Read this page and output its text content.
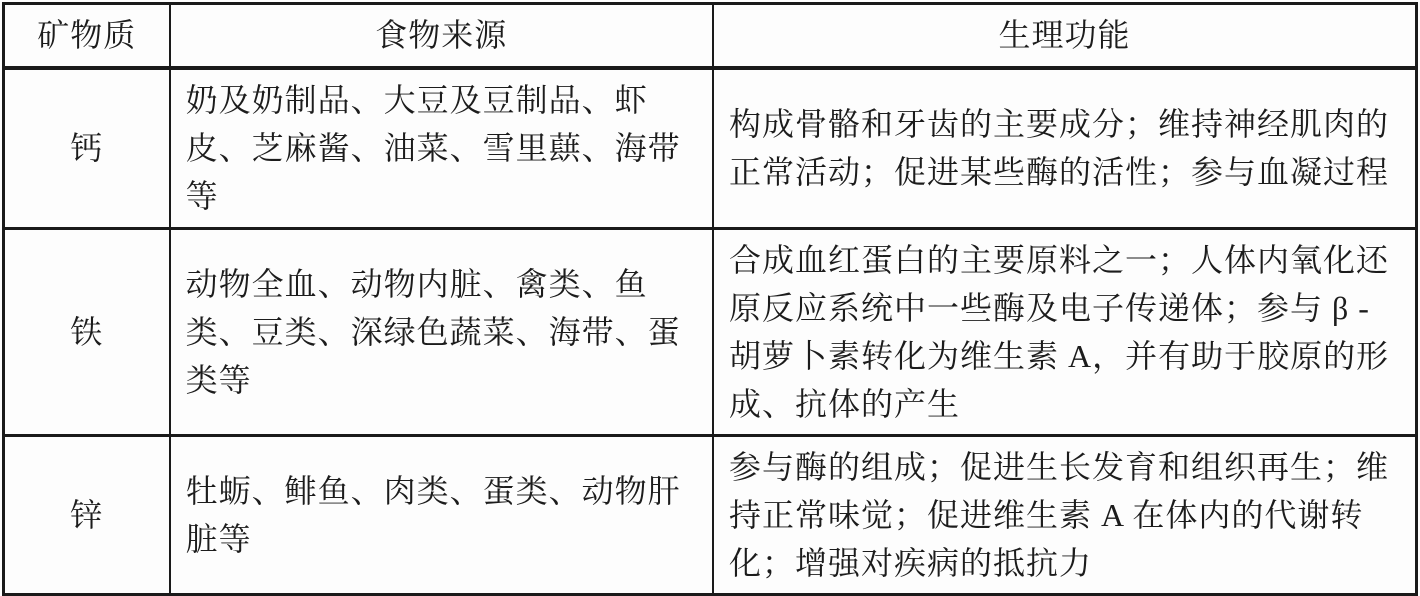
矿物质	食物来源	生理功能
钙	奶及奶制品、大豆及豆制品、虾皮、芝麻酱、油菜、雪里蕻、海带等	构成骨骼和牙齿的主要成分；维持神经肌肉的正常活动；促进某些酶的活性；参与血凝过程
铁	动物全血、动物内脏、禽类、鱼类、豆类、深绿色蔬菜、海带、蛋类等	合成血红蛋白的主要原料之一；人体内氧化还原反应系统中一些酶及电子传递体；参与 β - 胡萝卜素转化为维生素 A，并有助于胶原的形成、抗体的产生
锌	牡蛎、鲱鱼、肉类、蛋类、动物肝脏等	参与酶的组成；促进生长发育和组织再生；维持正常味觉；促进维生素 A 在体内的代谢转化；增强对疾病的抵抗力
